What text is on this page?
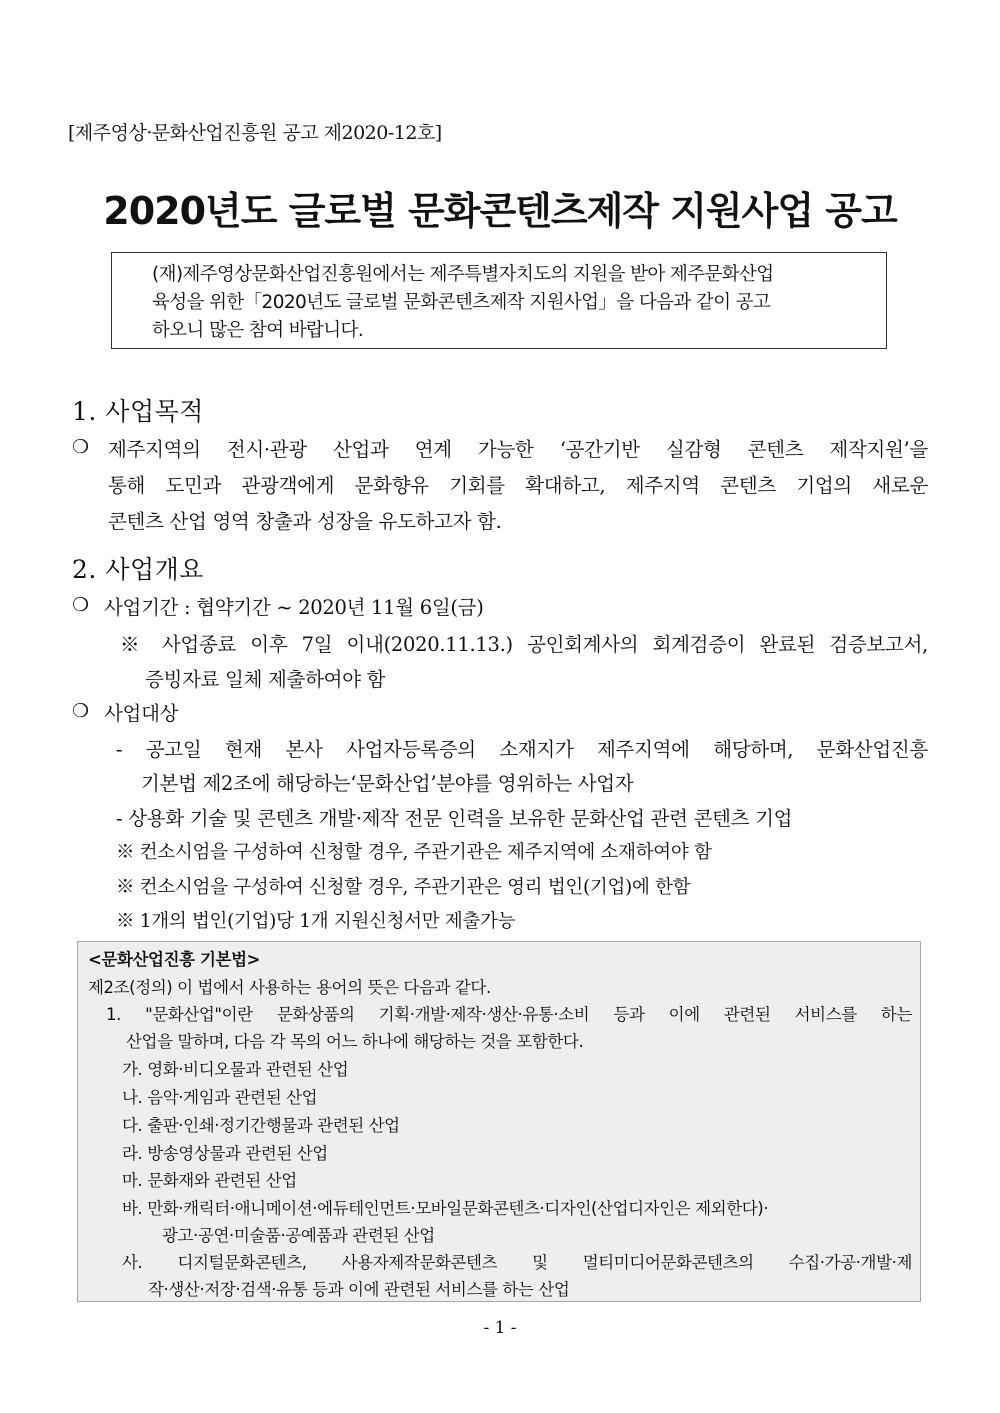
[제주영상·문화산업진흥원 공고 제2020-12호]
2020년도 글로벌 문화콘텐츠제작 지원사업 공고
(재)제주영상문화산업진흥원에서는 제주특별자치도의 지원을 받아 제주문화산업
육성을 위한「2020년도 글로벌 문화콘텐츠제작 지원사업」을 다음과 같이 공고
하오니 많은 참여 바랍니다.
1. 사업목적
❍ 제주지역의 전시·관광 산업과 연계 가능한 ‘공간기반 실감형 콘텐츠 제작지원’을
통해 도민과 관광객에게 문화향유 기회를 확대하고, 제주지역 콘텐츠 기업의 새로운
콘텐츠 산업 영역 창출과 성장을 유도하고자 함.
2. 사업개요
❍ 사업기간 : 협약기간 ~ 2020년 11월 6일(금)
※ 사업종료 이후 7일 이내(2020.11.13.) 공인회계사의 회계검증이 완료된 검증보고서,
증빙자료 일체 제출하여야 함
❍ 사업대상
- 공고일 현재 본사 사업자등록증의 소재지가 제주지역에 해당하며, 문화산업진흥
기본법 제2조에 해당하는‘문화산업’분야를 영위하는 사업자
- 상용화 기술 및 콘텐츠 개발·제작 전문 인력을 보유한 문화산업 관련 콘텐츠 기업
※ 컨소시엄을 구성하여 신청할 경우, 주관기관은 제주지역에 소재하여야 함
※ 컨소시엄을 구성하여 신청할 경우, 주관기관은 영리 법인(기업)에 한함
※ 1개의 법인(기업)당 1개 지원신청서만 제출가능
<문화산업진흥 기본법>
제2조(정의) 이 법에서 사용하는 용어의 뜻은 다음과 같다.
1. "문화산업"이란 문화상품의 기획·개발·제작·생산·유통·소비 등과 이에 관련된 서비스를 하는
산업을 말하며, 다음 각 목의 어느 하나에 해당하는 것을 포함한다.
가. 영화·비디오물과 관련된 산업
나. 음악·게임과 관련된 산업
다. 출판·인쇄·정기간행물과 관련된 산업
라. 방송영상물과 관련된 산업
마. 문화재와 관련된 산업
바. 만화·캐릭터·애니메이션·에듀테인먼트·모바일문화콘텐츠·디자인(산업디자인은 제외한다)·
광고·공연·미술품·공예품과 관련된 산업
사. 디지털문화콘텐츠, 사용자제작문화콘텐츠 및 멀티미디어문화콘텐츠의 수집·가공·개발·제
작·생산·저장·검색·유통 등과 이에 관련된 서비스를 하는 산업
- 1 -
